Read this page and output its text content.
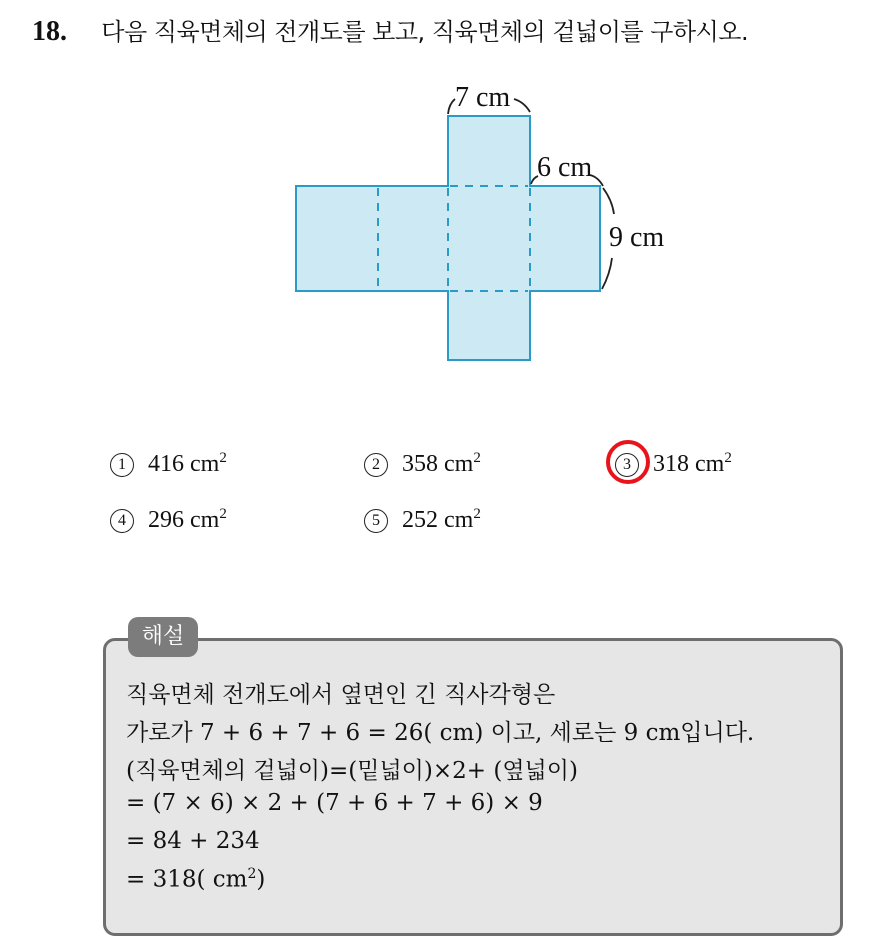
18. 다음 직육면체의 전개도를 보고, 직육면체의 겉넓이를 구하시오.
7 cm
6 cm
9 cm
1 416 $cm^2$	2 358 $cm^2$	3 318 $cm^2$
4 296 $cm^2$	5 252 $cm^2$
해설
직육면체 전개도에서 옆면인 긴 직사각형은
가로가 7 + 6 + 7 + 6 = 26( cm) 이고, 세로는 9 cm입니다.
(직육면체의 겉넓이)=(밑넓이)×2+ (옆넓이)
= (7 × 6) × 2 + (7 + 6 + 7 + 6) × 9
= 84 + 234
= 318( $cm^2$)
